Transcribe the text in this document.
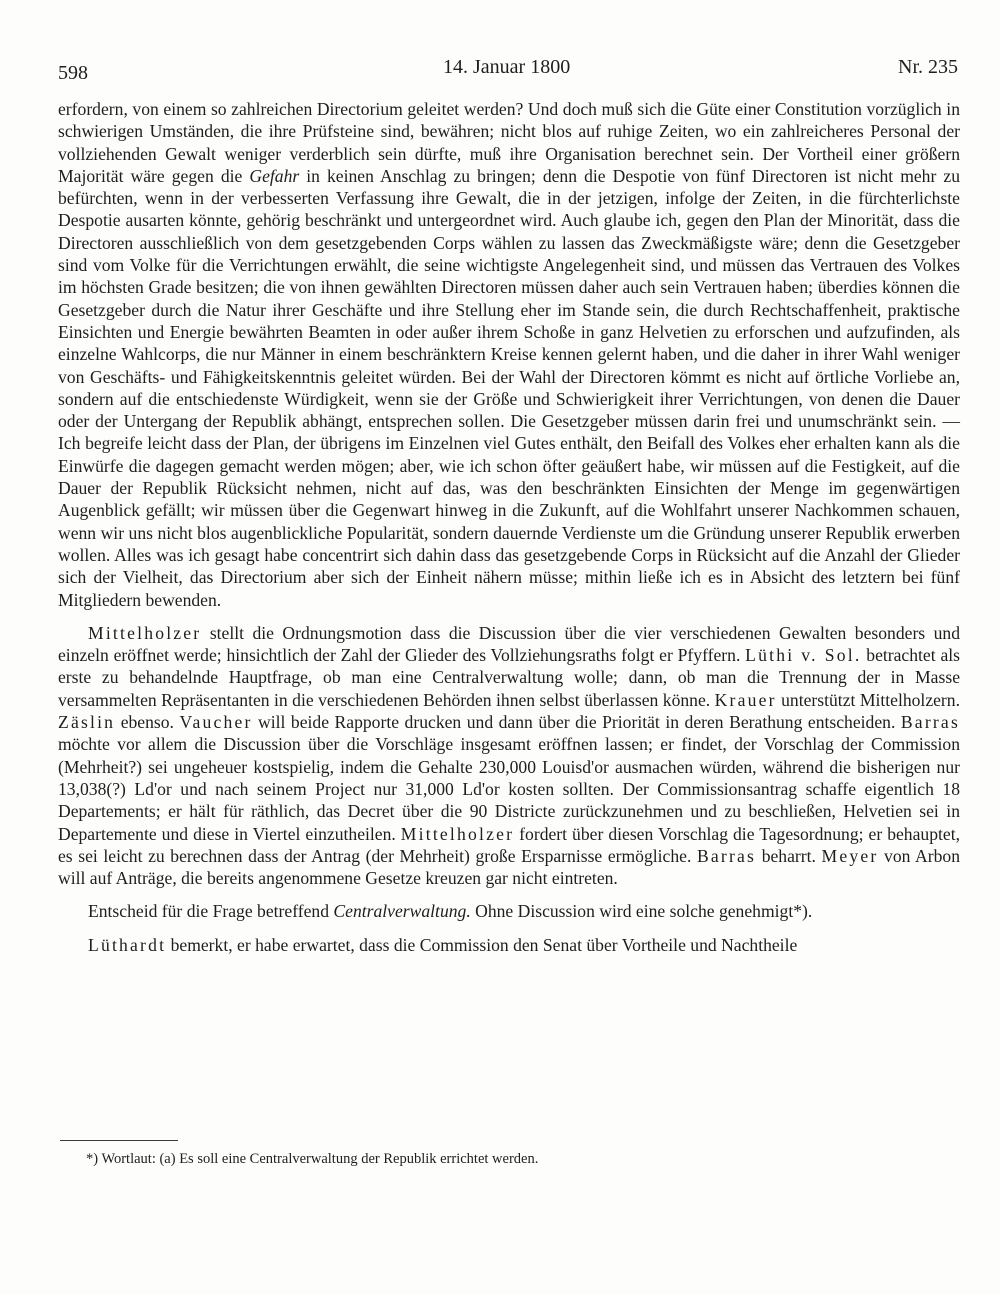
598	14. Januar 1800	Nr. 235

erfordern, von einem so zahlreichen Directorium geleitet werden? Und doch muß sich die Güte einer Constitution vorzüglich in schwierigen Umständen, die ihre Prüfsteine sind, bewähren; nicht blos auf ruhige Zeiten, wo ein zahlreicheres Personal der vollziehenden Gewalt weniger verderblich sein dürfte, muß ihre Organisation berechnet sein. Der Vortheil einer größern Majorität wäre gegen die Gefahr in keinen Anschlag zu bringen; denn die Despotie von fünf Directoren ist nicht mehr zu befürchten, wenn in der verbesserten Verfassung ihre Gewalt, die in der jetzigen, infolge der Zeiten, in die fürchterlichste Despotie ausarten könnte, gehörig beschränkt und untergeordnet wird. Auch glaube ich, gegen den Plan der Minorität, dass die Directoren ausschließlich von dem gesetzgebenden Corps wählen zu lassen das Zweckmäßigste wäre; denn die Gesetzgeber sind vom Volke für die Verrichtungen erwählt, die seine wichtigste Angelegenheit sind, und müssen das Vertrauen des Volkes im höchsten Grade besitzen; die von ihnen gewählten Directoren müssen daher auch sein Vertrauen haben; überdies können die Gesetzgeber durch die Natur ihrer Geschäfte und ihre Stellung eher im Stande sein, die durch Rechtschaffenheit, praktische Einsichten und Energie bewährten Beamten in oder außer ihrem Schoße in ganz Helvetien zu erforschen und aufzufinden, als einzelne Wahlcorps, die nur Männer in einem beschränktern Kreise kennen gelernt haben, und die daher in ihrer Wahl weniger von Geschäfts- und Fähigkeitskenntnis geleitet würden. Bei der Wahl der Directoren kömmt es nicht auf örtliche Vorliebe an, sondern auf die entschiedenste Würdigkeit, wenn sie der Größe und Schwierigkeit ihrer Verrichtungen, von denen die Dauer oder der Untergang der Republik abhängt, entsprechen sollen. Die Gesetzgeber müssen darin frei und unumschränkt sein. — Ich begreife leicht dass der Plan, der übrigens im Einzelnen viel Gutes enthält, den Beifall des Volkes eher erhalten kann als die Einwürfe die dagegen gemacht werden mögen; aber, wie ich schon öfter geäußert habe, wir müssen auf die Festigkeit, auf die Dauer der Republik Rücksicht nehmen, nicht auf das, was den beschränkten Einsichten der Menge im gegenwärtigen Augenblick gefällt; wir müssen über die Gegenwart hinweg in die Zukunft, auf die Wohlfahrt unserer Nachkommen schauen, wenn wir uns nicht blos augenblickliche Popularität, sondern dauernde Verdienste um die Gründung unserer Republik erwerben wollen. Alles was ich gesagt habe concentrirt sich dahin dass das gesetzgebende Corps in Rücksicht auf die Anzahl der Glieder sich der Vielheit, das Directorium aber sich der Einheit nähern müsse; mithin ließe ich es in Absicht des letztern bei fünf Mitgliedern bewenden.

Mittelholzer stellt die Ordnungsmotion dass die Discussion über die vier verschiedenen Gewalten besonders und einzeln eröffnet werde; hinsichtlich der Zahl der Glieder des Vollziehungsraths folgt er Pfyffern. Lüthi v. Sol. betrachtet als erste zu behandelnde Hauptfrage, ob man eine Centralverwaltung wolle; dann, ob man die Trennung der in Masse versammelten Repräsentanten in die verschiedenen Behörden ihnen selbst überlassen könne. Krauer unterstützt Mittelholzern. Zäslin ebenso. Vaucher will beide Rapporte drucken und dann über die Priorität in deren Berathung entscheiden. Barras möchte vor allem die Discussion über die Vorschläge insgesamt eröffnen lassen; er findet, der Vorschlag der Commission (Mehrheit?) sei ungeheuer kostspielig, indem die Gehalte 230,000 Louisd'or ausmachen würden, während die bisherigen nur 13,038(?) Ld'or und nach seinem Project nur 31,000 Ld'or kosten sollten. Der Commissionsantrag schaffe eigentlich 18 Departements; er hält für räthlich, das Decret über die 90 Districte zurückzunehmen und zu beschließen, Helvetien sei in Departemente und diese in Viertel einzutheilen. Mittelholzer fordert über diesen Vorschlag die Tagesordnung; er behauptet, es sei leicht zu berechnen dass der Antrag (der Mehrheit) große Ersparnisse ermögliche. Barras beharrt. Meyer von Arbon will auf Anträge, die bereits angenommene Gesetze kreuzen gar nicht eintreten.

Entscheid für die Frage betreffend Centralverwaltung. Ohne Discussion wird eine solche genehmigt*).

Lüthardt bemerkt, er habe erwartet, dass die Commission den Senat über Vortheile und Nachtheile

*) Wortlaut: (a) Es soll eine Centralverwaltung der Republik errichtet werden.
